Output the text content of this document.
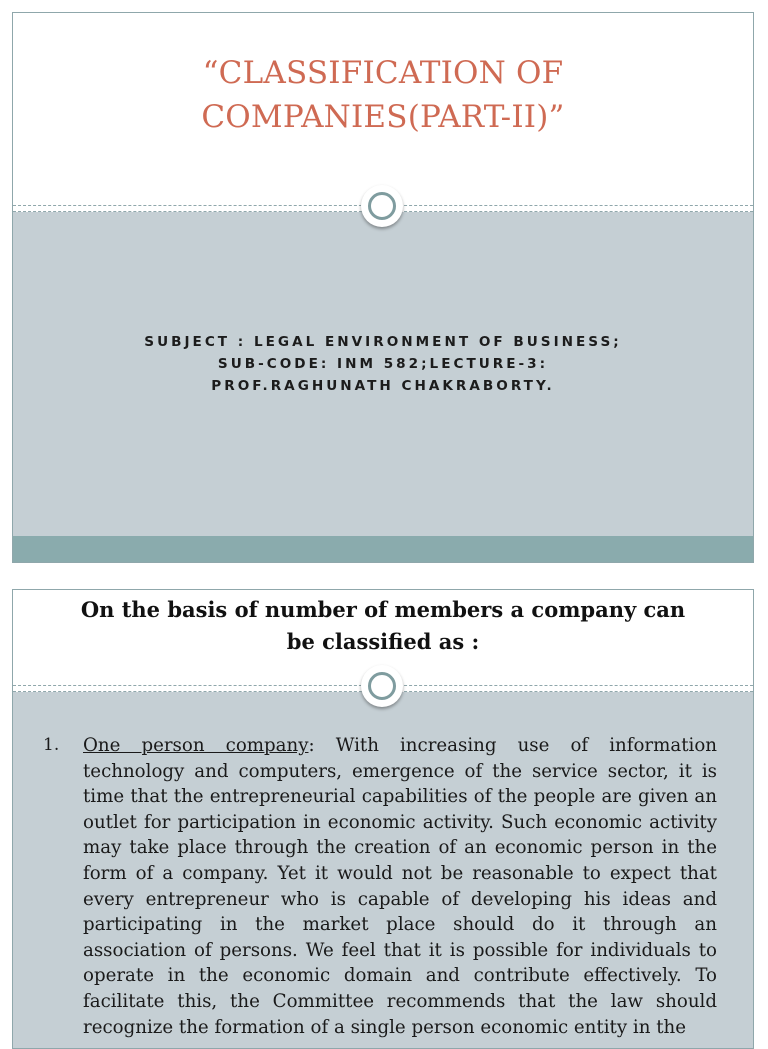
“CLASSIFICATION OF
COMPANIES(PART-II)”

SUBJECT : LEGAL ENVIRONMENT OF BUSINESS;
SUB-CODE: INM 582;LECTURE-3:
PROF.RAGHUNATH CHAKRABORTY.

On the basis of number of members a company can
be classified as :
1. One person company: With increasing use of information technology and computers, emergence of the service sector, it is time that the entrepreneurial capabilities of the people are given an outlet for participation in economic activity. Such economic activity may take place through the creation of an economic person in the form of a company. Yet it would not be reasonable to expect that every entrepreneur who is capable of developing his ideas and participating in the market place should do it through an association of persons. We feel that it is possible for individuals to operate in the economic domain and contribute effectively. To facilitate this, the Committee recommends that the law should recognize the formation of a single person economic entity in the
